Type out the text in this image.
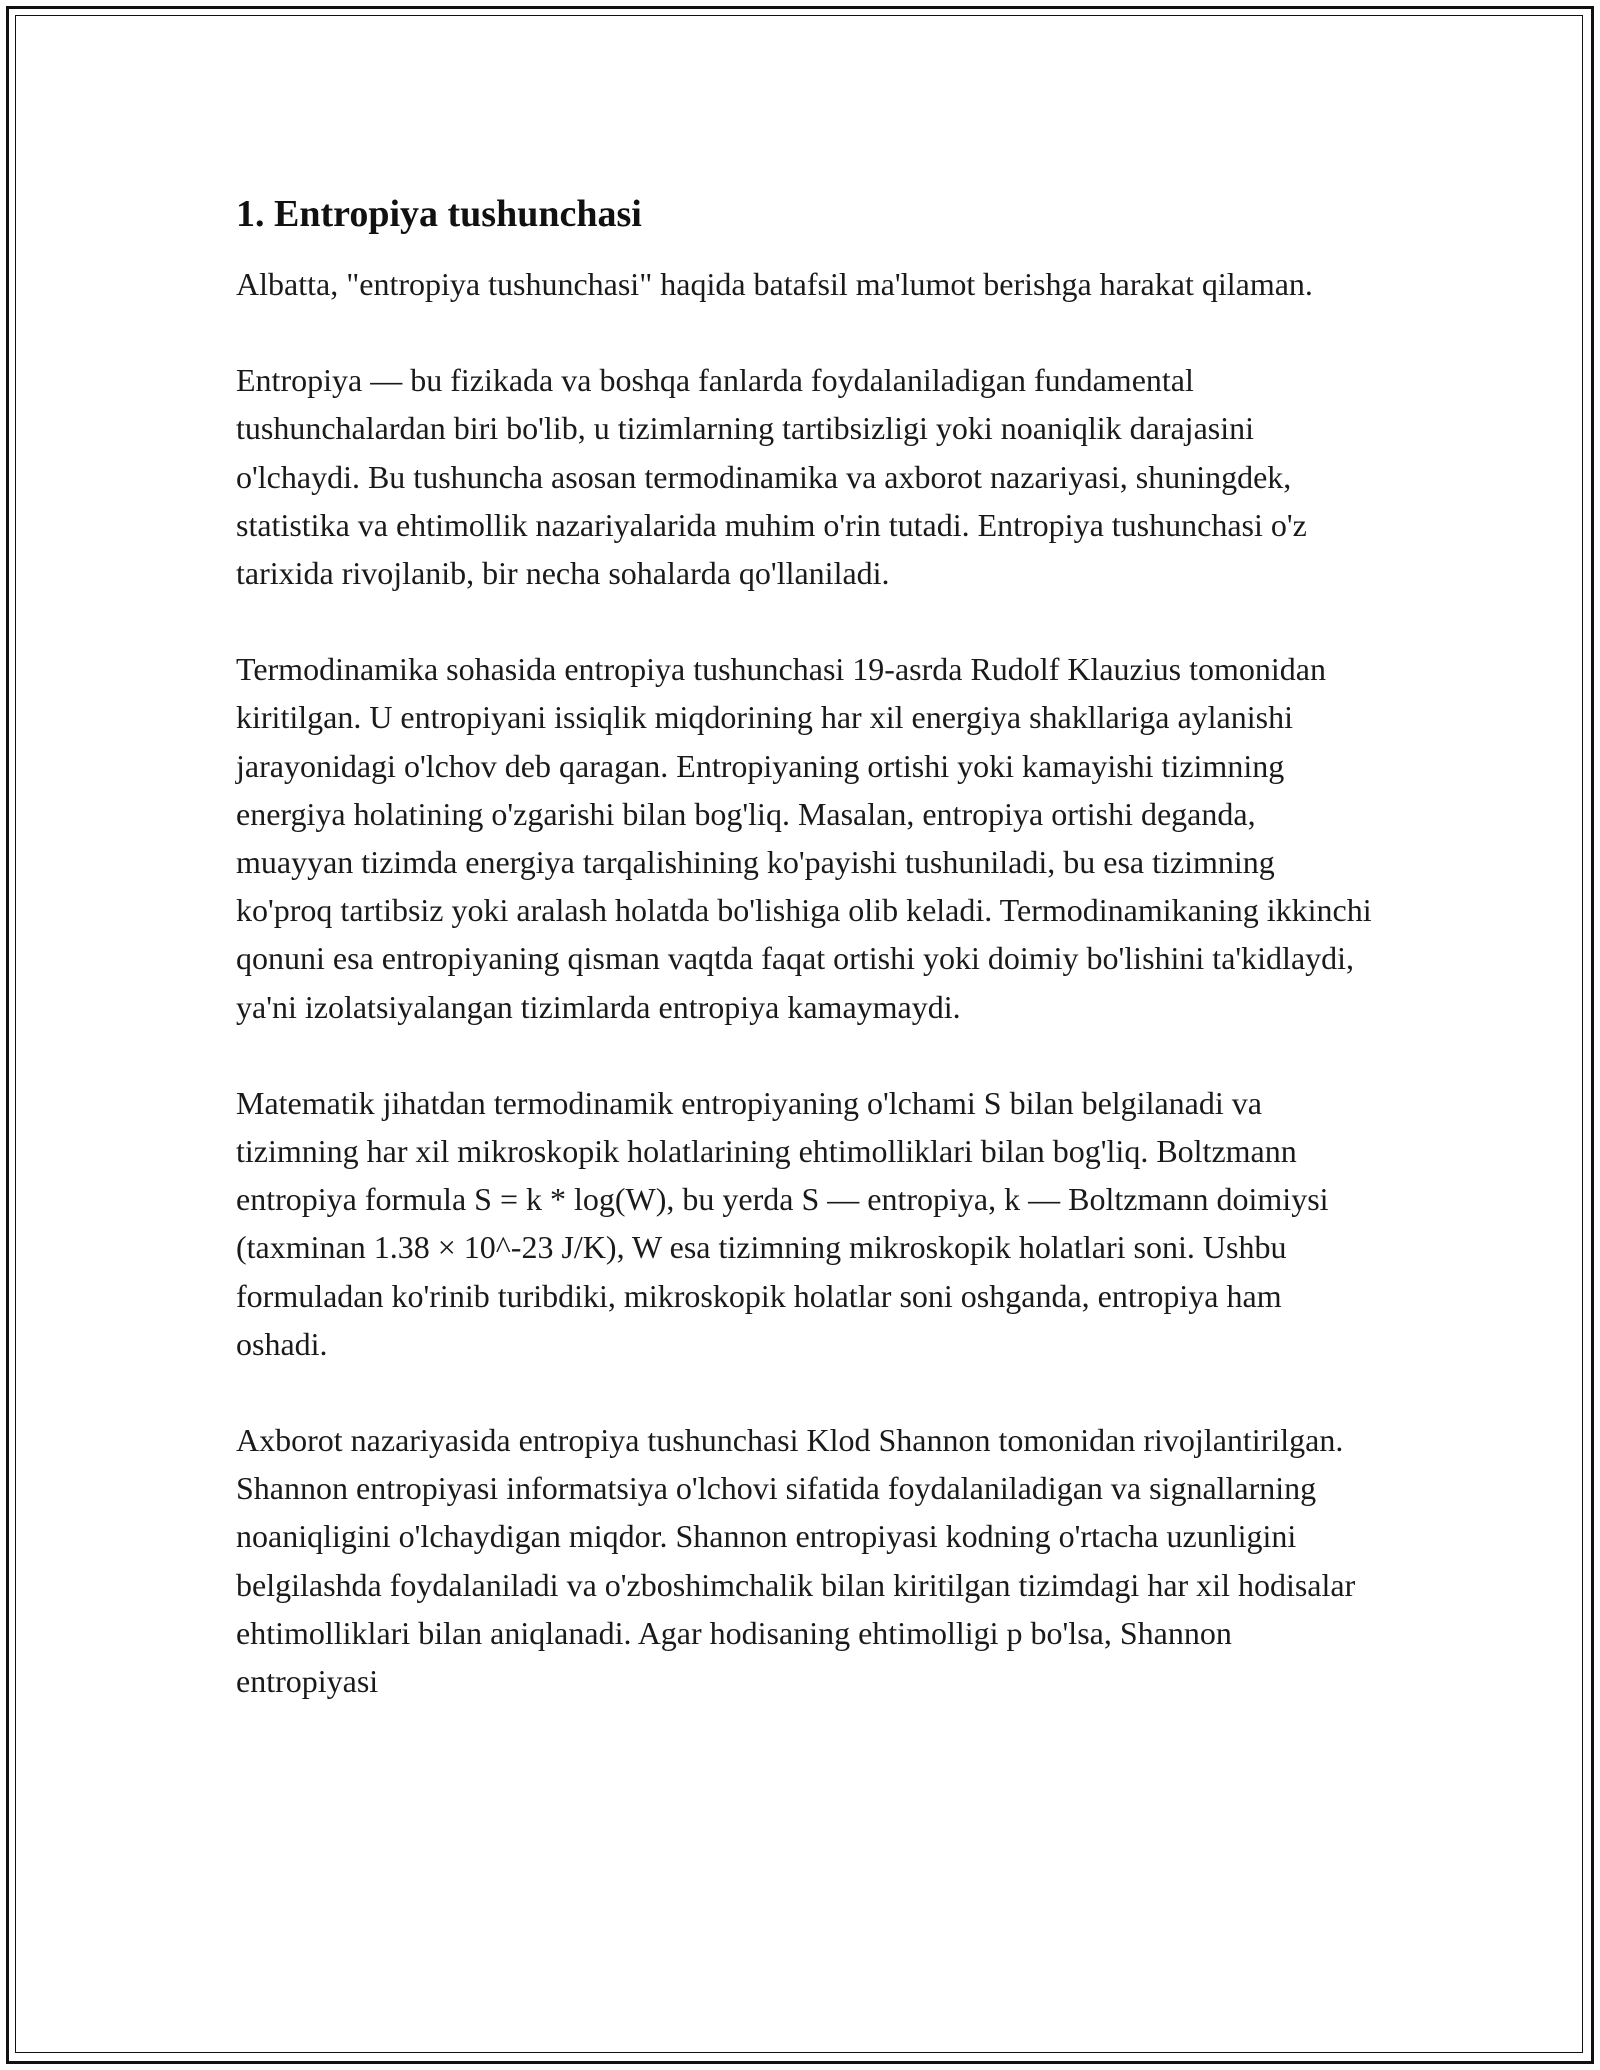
1. Entropiya tushunchasi

Albatta, "entropiya tushunchasi" haqida batafsil ma'lumot berishga harakat qilaman.

Entropiya — bu fizikada va boshqa fanlarda foydalaniladigan fundamental tushunchalardan biri bo'lib, u tizimlarning tartibsizligi yoki noaniqlik darajasini o'lchaydi. Bu tushuncha asosan termodinamika va axborot nazariyasi, shuningdek, statistika va ehtimollik nazariyalarida muhim o'rin tutadi. Entropiya tushunchasi o'z tarixida rivojlanib, bir necha sohalarda qo'llaniladi.

Termodinamika sohasida entropiya tushunchasi 19-asrda Rudolf Klauzius tomonidan kiritilgan. U entropiyani issiqlik miqdorining har xil energiya shakllariga aylanishi jarayonidagi o'lchov deb qaragan. Entropiyaning ortishi yoki kamayishi tizimning energiya holatining o'zgarishi bilan bog'liq. Masalan, entropiya ortishi deganda, muayyan tizimda energiya tarqalishining ko'payishi tushuniladi, bu esa tizimning ko'proq tartibsiz yoki aralash holatda bo'lishiga olib keladi. Termodinamikaning ikkinchi qonuni esa entropiyaning qisman vaqtda faqat ortishi yoki doimiy bo'lishini ta'kidlaydi, ya'ni izolatsiyalangan tizimlarda entropiya kamaymaydi.

Matematik jihatdan termodinamik entropiyaning o'lchami S bilan belgilanadi va tizimning har xil mikroskopik holatlarining ehtimolliklari bilan bog'liq. Boltzmann entropiya formula S = k * log(W), bu yerda S — entropiya, k — Boltzmann doimiysi (taxminan 1.38 × 10^-23 J/K), W esa tizimning mikroskopik holatlari soni. Ushbu formuladan ko'rinib turibdiki, mikroskopik holatlar soni oshganda, entropiya ham oshadi.

Axborot nazariyasida entropiya tushunchasi Klod Shannon tomonidan rivojlantirilgan. Shannon entropiyasi informatsiya o'lchovi sifatida foydalaniladigan va signallarning noaniqligini o'lchaydigan miqdor. Shannon entropiyasi kodning o'rtacha uzunligini belgilashda foydalaniladi va o'zboshimchalik bilan kiritilgan tizimdagi har xil hodisalar ehtimolliklari bilan aniqlanadi. Agar hodisaning ehtimolligi p bo'lsa, Shannon entropiyasi
